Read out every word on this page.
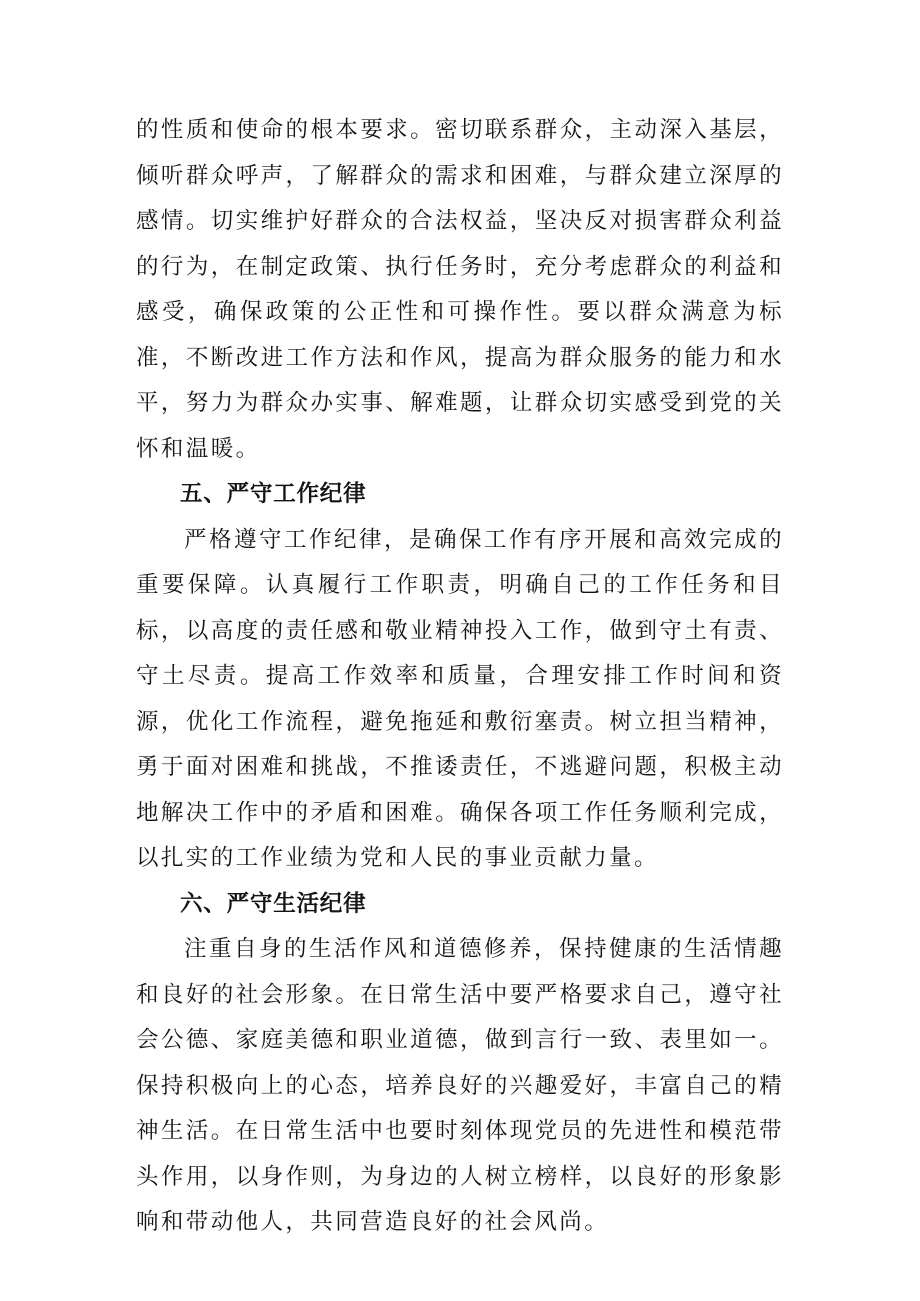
的性质和使命的根本要求。密切联系群众，主动深入基层，倾听群众呼声，了解群众的需求和困难，与群众建立深厚的感情。切实维护好群众的合法权益，坚决反对损害群众利益的行为，在制定政策、执行任务时，充分考虑群众的利益和感受，确保政策的公正性和可操作性。要以群众满意为标准，不断改进工作方法和作风，提高为群众服务的能力和水平，努力为群众办实事、解难题，让群众切实感受到党的关怀和温暖。

五、严守工作纪律

严格遵守工作纪律，是确保工作有序开展和高效完成的重要保障。认真履行工作职责，明确自己的工作任务和目标，以高度的责任感和敬业精神投入工作，做到守土有责、守土尽责。提高工作效率和质量，合理安排工作时间和资源，优化工作流程，避免拖延和敷衍塞责。树立担当精神，勇于面对困难和挑战，不推诿责任，不逃避问题，积极主动地解决工作中的矛盾和困难。确保各项工作任务顺利完成，以扎实的工作业绩为党和人民的事业贡献力量。

六、严守生活纪律

注重自身的生活作风和道德修养，保持健康的生活情趣和良好的社会形象。在日常生活中要严格要求自己，遵守社会公德、家庭美德和职业道德，做到言行一致、表里如一。保持积极向上的心态，培养良好的兴趣爱好，丰富自己的精神生活。在日常生活中也要时刻体现党员的先进性和模范带头作用，以身作则，为身边的人树立榜样，以良好的形象影响和带动他人，共同营造良好的社会风尚。
